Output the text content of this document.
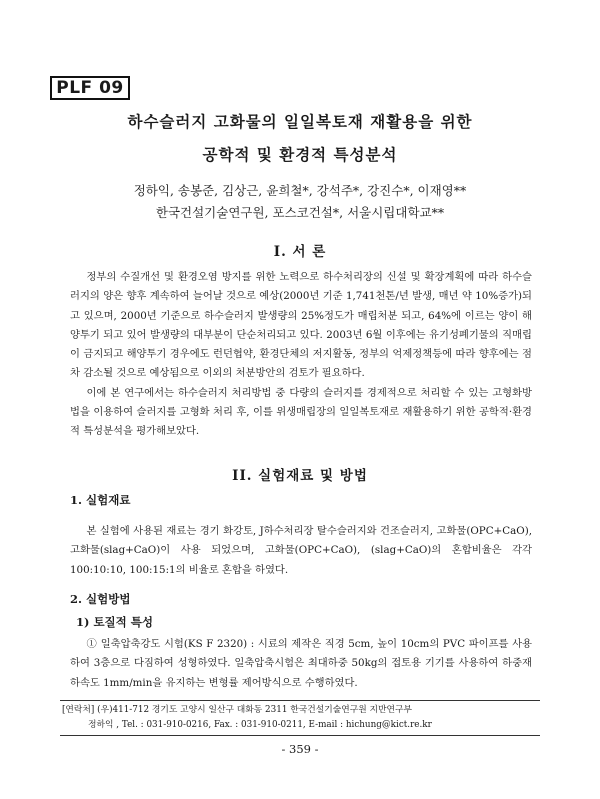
PLF 09
하수슬러지 고화물의 일일복토재 재활용을 위한
공학적 및 환경적 특성분석
정하익, 송봉준, 김상근, 윤희철*, 강석주*, 강진수*, 이재영**
한국건설기술연구원, 포스코건설*, 서울시립대학교**
I. 서 론

정부의 수질개선 및 환경오염 방지를 위한 노력으로 하수처리장의 신설 및 확장계획에 따라 하수슬러지의 양은 향후 계속하여 늘어날 것으로 예상(2000년 기준 1,741천톤/년 발생, 매년 약 10%증가)되고 있으며, 2000년 기준으로 하수슬러지 발생량의 25%정도가 매립처분 되고, 64%에 이르는 양이 해양투기 되고 있어 발생량의 대부분이 단순처리되고 있다. 2003년 6월 이후에는 유기성폐기물의 직매립이 금지되고 해양투기 경우에도 런던협약, 환경단체의 저지활동, 정부의 억제정책등에 따라 향후에는 점차 감소될 것으로 예상됨으로 이외의 처분방안의 검토가 필요하다.

이에 본 연구에서는 하수슬러지 처리방법 중 다량의 슬러지를 경제적으로 처리할 수 있는 고형화방법을 이용하여 슬러지를 고형화 처리 후, 이를 위생매립장의 일일복토재로 재활용하기 위한 공학적·환경적 특성분석을 평가해보았다.

II. 실험재료 및 방법
1. 실험재료

본 실험에 사용된 재료는 경기 화강토, J하수처리장 탈수슬러지와 건조슬러지, 고화물(OPC+CaO), 고화물(slag+CaO)이 사용 되었으며, 고화물(OPC+CaO), (slag+CaO)의 혼합비율은 각각 100:10:10, 100:15:1의 비율로 혼합을 하였다.

2. 실험방법
1) 토질적 특성

① 일축압축강도 시험(KS F 2320) : 시료의 제작은 직경 5cm, 높이 10cm의 PVC 파이프를 사용하여 3층으로 다짐하여 성형하였다. 일축압축시험은 최대하중 50kg의 접토용 기기를 사용하여 하중재하속도 1mm/min을 유지하는 변형률 제어방식으로 수행하였다.

[연락처] (우)411-712 경기도 고양시 일산구 대화동 2311 한국건설기술연구원 지반연구부
정하익 , Tel. : 031-910-0216, Fax. : 031-910-0211, E-mail : hichung@kict.re.kr
- 359 -
